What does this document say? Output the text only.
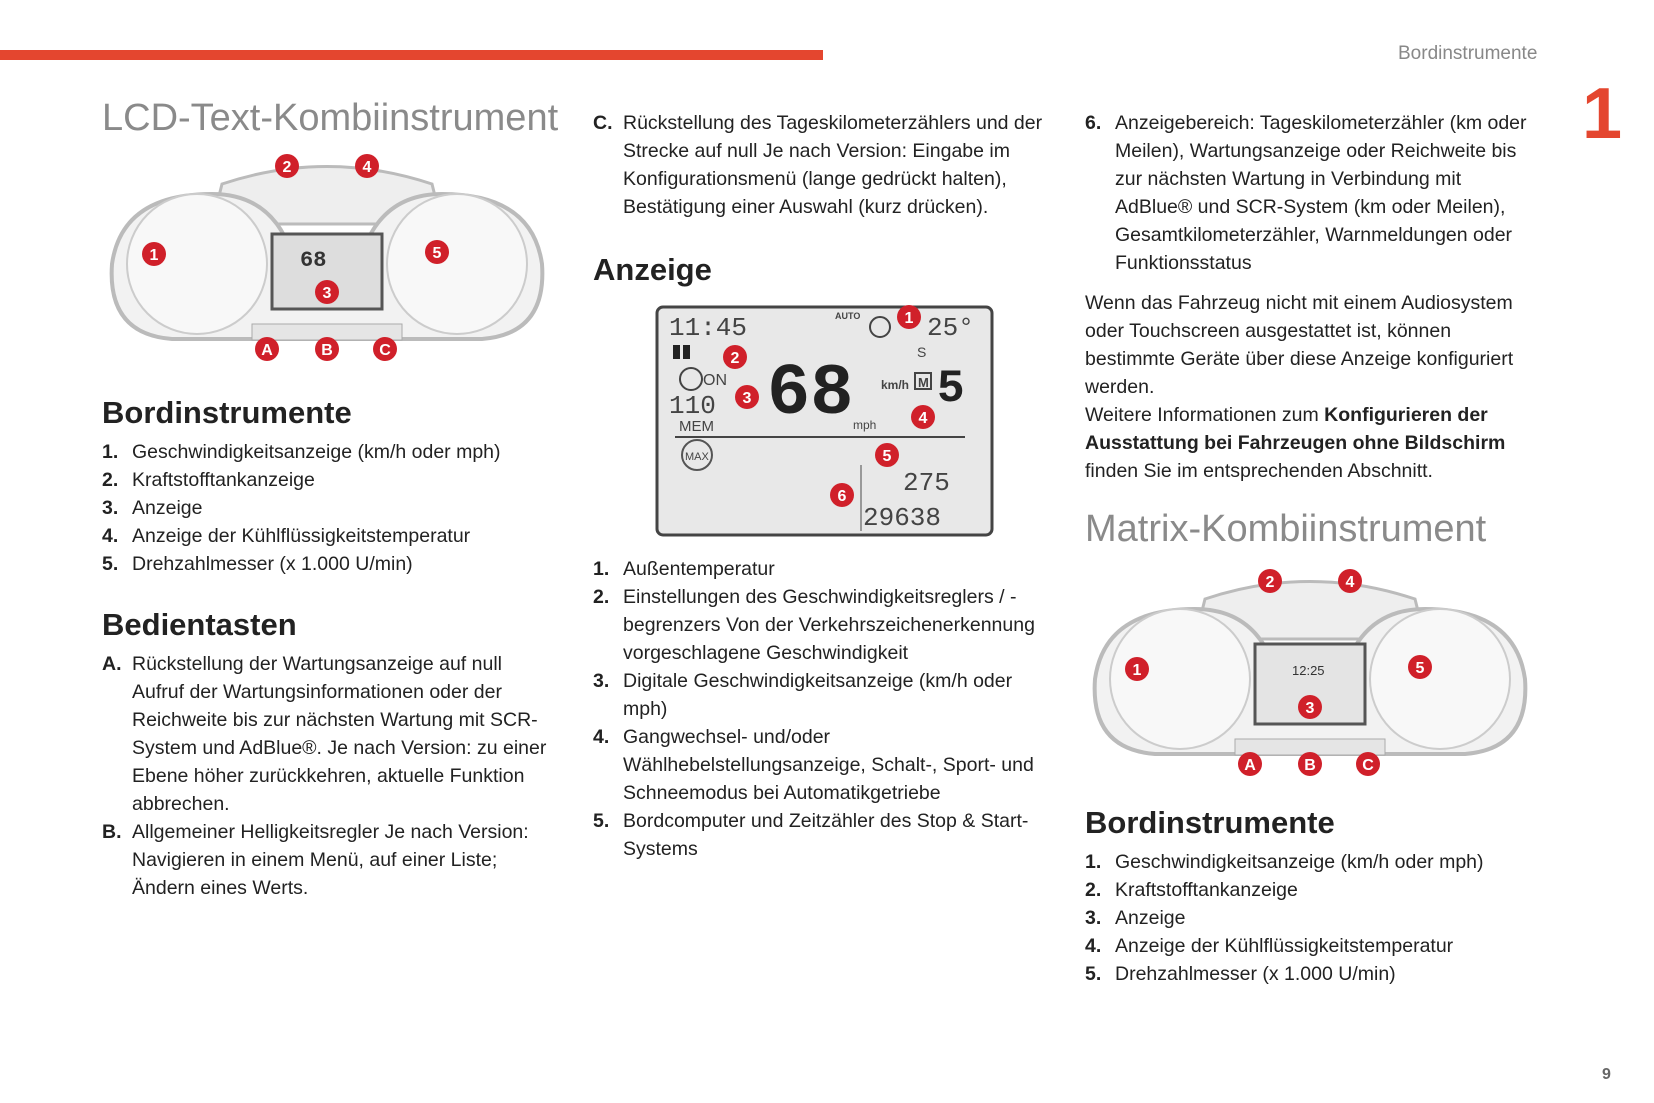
Bordinstrumente
1
9
LCD-Text-Kombiinstrument
68
1
2
3
4
5
A	B	C
Bordinstrumente
1. Geschwindigkeitsanzeige (km/h oder mph)
2. Kraftstofftankanzeige
3. Anzeige
4. Anzeige der Kühlflüssigkeitstemperatur
5. Drehzahlmesser (x 1.000 U/min)
Bedientasten
A. Rückstellung der Wartungsanzeige auf null Aufruf der Wartungsinformationen oder der Reichweite bis zur nächsten Wartung mit SCR-System und AdBlue®. Je nach Version: zu einer Ebene höher zurückkehren, aktuelle Funktion abbrechen.
B. Allgemeiner Helligkeitsregler Je nach Version: Navigieren in einem Menü, auf einer Liste; Ändern eines Werts.
C. Rückstellung des Tageskilometerzählers und der Strecke auf null Je nach Version: Eingabe im Konfigurationsmenü (lange gedrückt halten), Bestätigung einer Auswahl (kurz drücken).
Anzeige
11:45	AUTO	25°
ON
110
MEM
MAX
68 km/h
mph
S
M 5
275
29638
1
2
3
4
5
6
1. Außentemperatur
2. Einstellungen des Geschwindigkeitsreglers / -begrenzers Von der Verkehrszeichenerkennung vorgeschlagene Geschwindigkeit
3. Digitale Geschwindigkeitsanzeige (km/h oder mph)
4. Gangwechsel- und/oder Wählhebelstellungsanzeige, Schalt-, Sport- und Schneemodus bei Automatikgetriebe
5. Bordcomputer und Zeitzähler des Stop & Start-Systems
6. Anzeigebereich: Tageskilometerzähler (km oder Meilen), Wartungsanzeige oder Reichweite bis zur nächsten Wartung in Verbindung mit AdBlue® und SCR-System (km oder Meilen), Gesamtkilometerzähler, Warnmeldungen oder Funktionsstatus

Wenn das Fahrzeug nicht mit einem Audiosystem oder Touchscreen ausgestattet ist, können bestimmte Geräte über diese Anzeige konfiguriert werden.

Weitere Informationen zum Konfigurieren der Ausstattung bei Fahrzeugen ohne Bildschirm finden Sie im entsprechenden Abschnitt.

Matrix-Kombiinstrument
12:25
1
2
3
4
5
A	B	C
Bordinstrumente
1. Geschwindigkeitsanzeige (km/h oder mph)
2. Kraftstofftankanzeige
3. Anzeige
4. Anzeige der Kühlflüssigkeitstemperatur
5. Drehzahlmesser (x 1.000 U/min)
